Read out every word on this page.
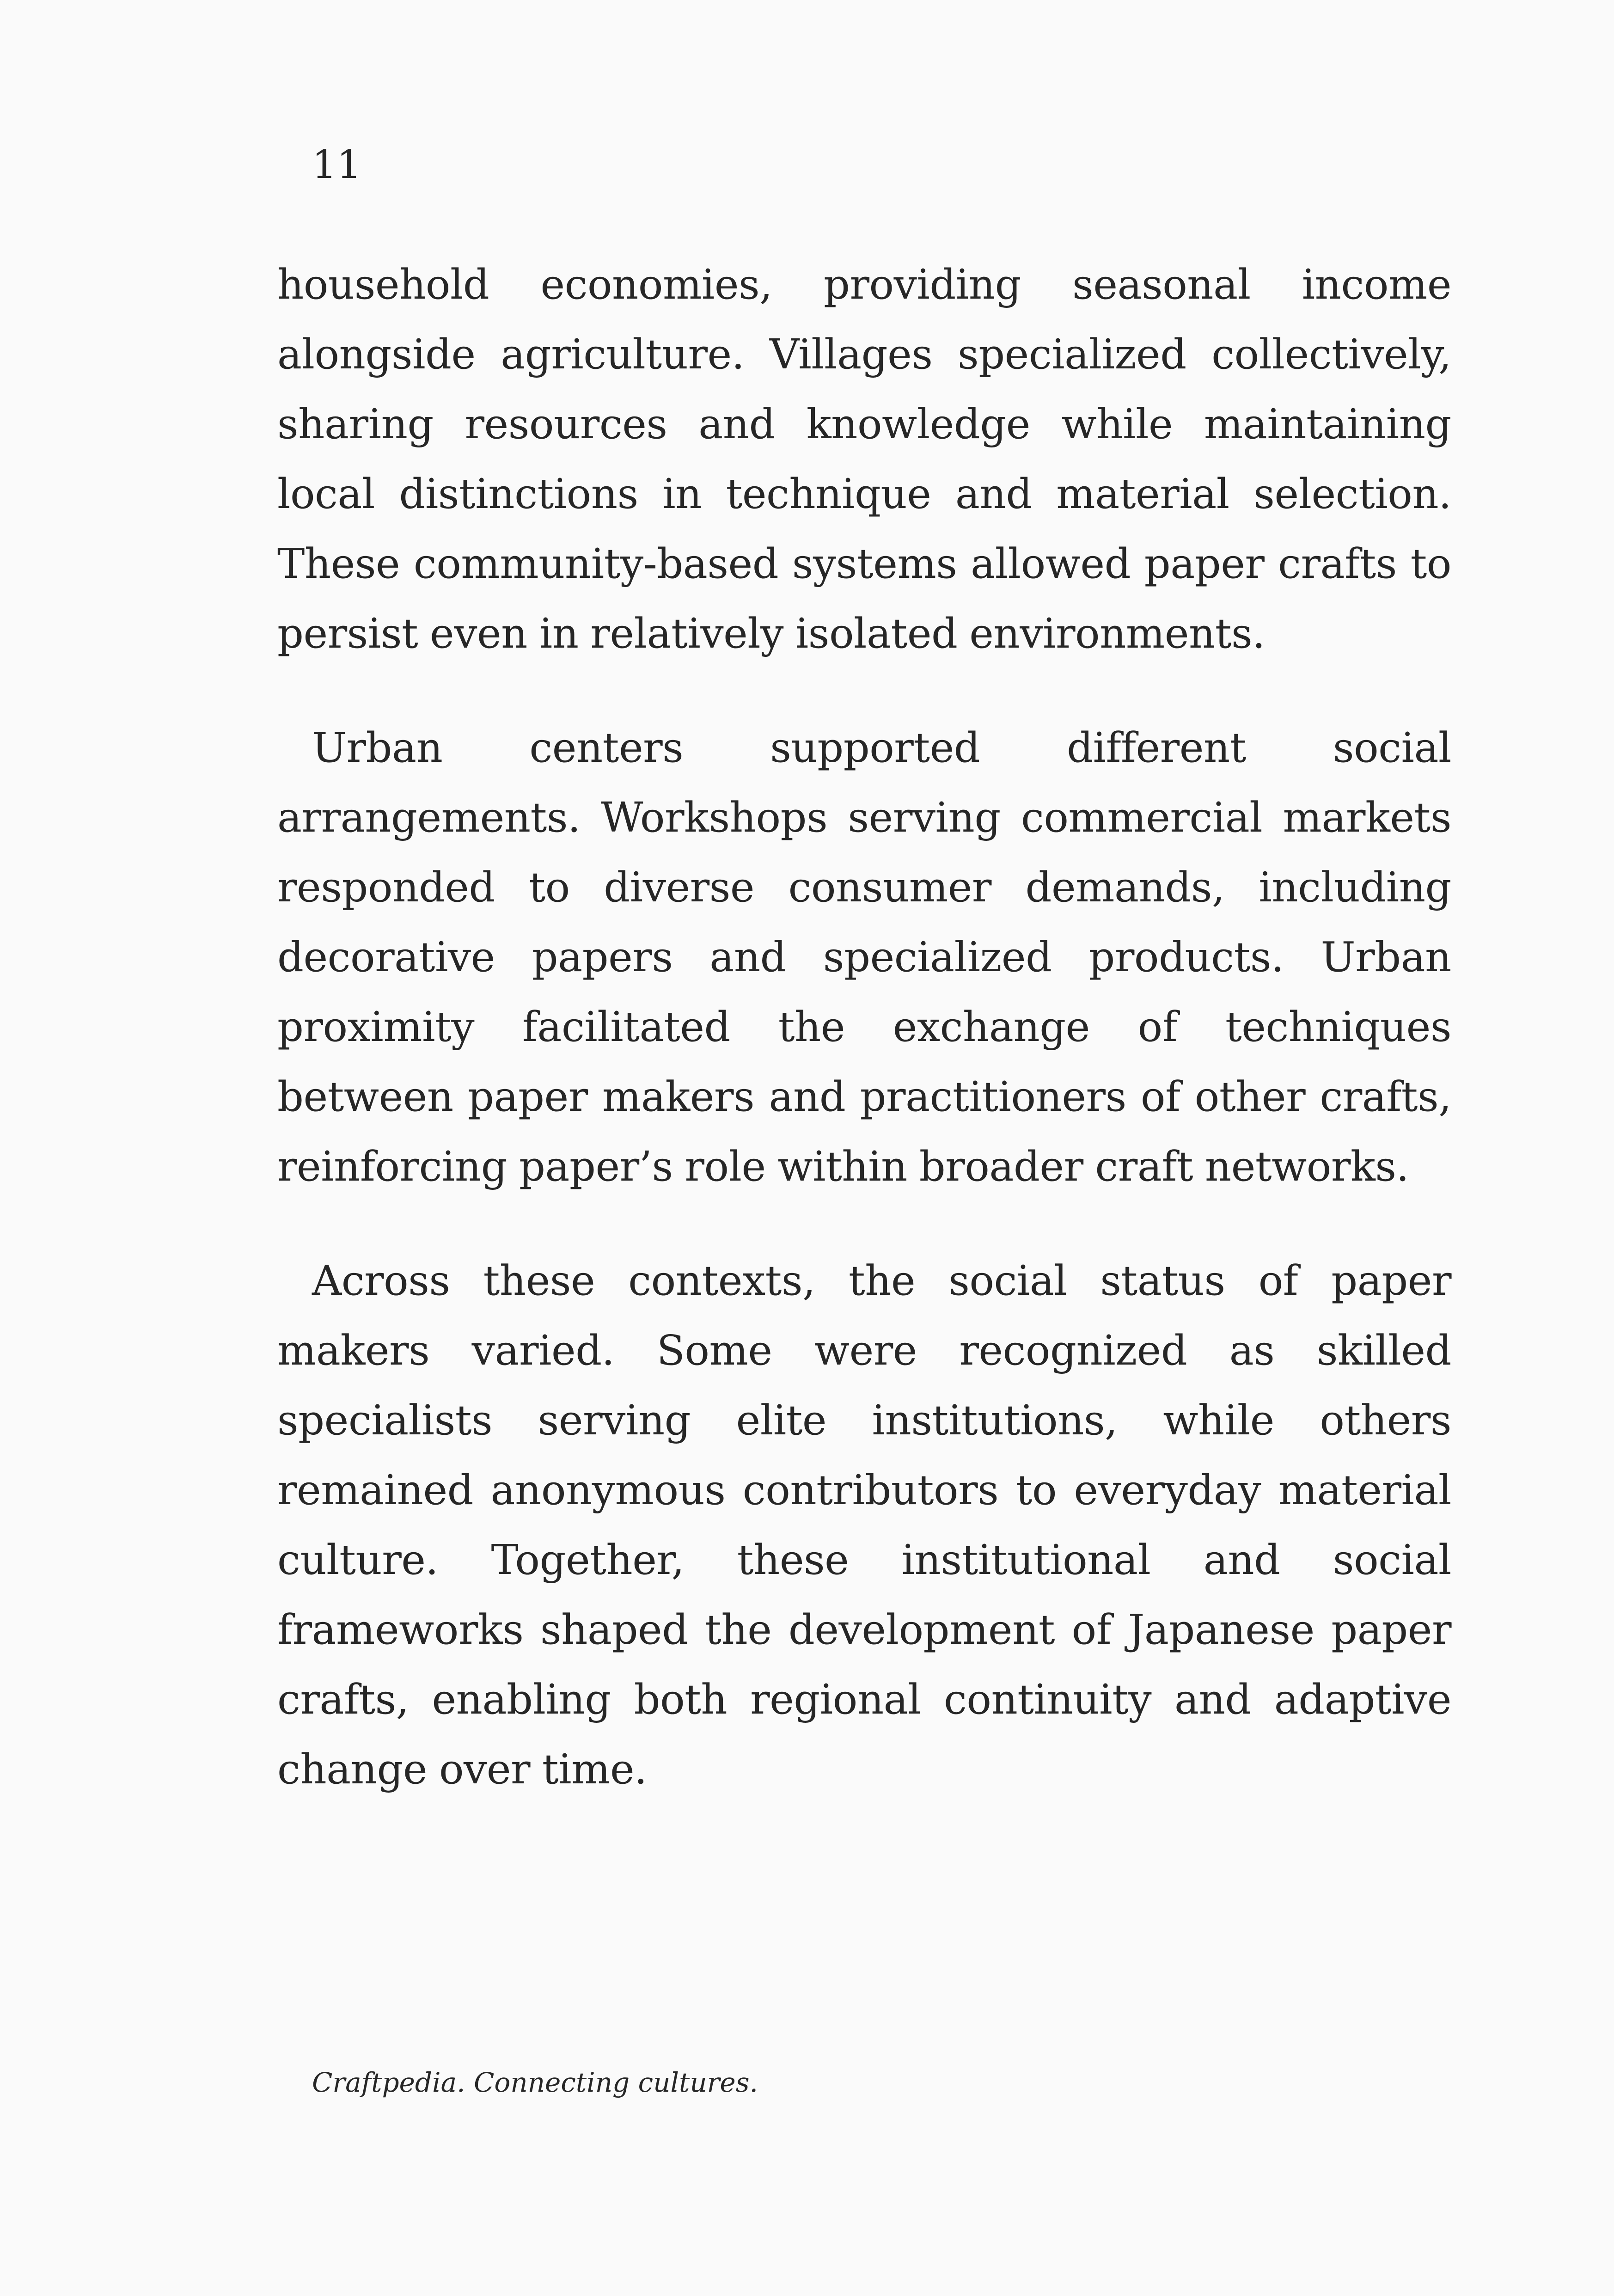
11

household economies, providing seasonal income alongside agriculture. Villages specialized collectively, sharing resources and knowledge while maintaining local distinctions in technique and material selection. These community-based systems allowed paper crafts to persist even in relatively isolated environments.

Urban centers supported different social arrangements. Workshops serving commercial markets responded to diverse consumer demands, including decorative papers and specialized products. Urban proximity facilitated the exchange of techniques between paper makers and practitioners of other crafts, reinforcing paper’s role within broader craft networks.

Across these contexts, the social status of paper makers varied. Some were recognized as skilled specialists serving elite institutions, while others remained anonymous contributors to everyday material culture. Together, these institutional and social frameworks shaped the development of Japanese paper crafts, enabling both regional continuity and adaptive change over time.

Craftpedia. Connecting cultures.
